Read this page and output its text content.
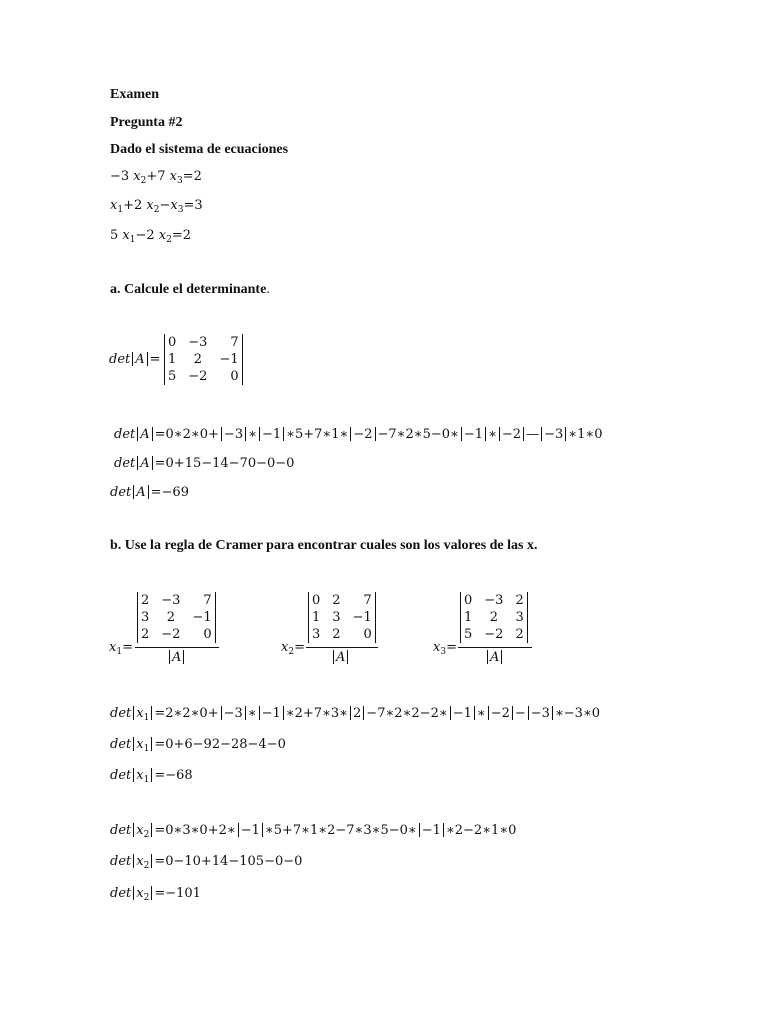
Examen
Pregunta #2
Dado el sistema de ecuaciones
−3 $x_2+7$ $x_3=2$
$x_1+2$ $x_2-x_3=3$
5 $x_1-2$ $x_2=2$
a. Calcule el determinante.
det A =
0	−3	7
1	2	−1
5	−2	0
det A =0∗2∗0+ −3 ∗ −1 ∗5+7∗1∗ −2 −7∗2∗5−0∗ −1 ∗ −2 — −3 ∗1∗0
det A =0+15−14−70−0−0
det A =−69
b. Use la regla de Cramer para encontrar cuales son los valores de las x.
$x_1=$
2	−3	7
3	2	−1
2	−2	0
A
$x_2=$
0	2	7
1	3	−1
3	2	0
A
$x_3=$
0	−3	2
1	2	3
5	−2	2
A
$\det x_1$ =2∗2∗0+ −3 ∗ −1 ∗2+7∗3∗ 2 −7∗2∗2−2∗ −1 ∗ −2 − −3 ∗−3∗0
$\det x_1 =0+6-92-28-4-0$
$\det x_1 =-68$
$\det x_2$ =0∗3∗0+2∗ −1 ∗5+7∗1∗2−7∗3∗5−0∗ −1 ∗2−2∗1∗0
$\det x_2 =0-10+14-105-0-0$
$\det x_2 =-101$
